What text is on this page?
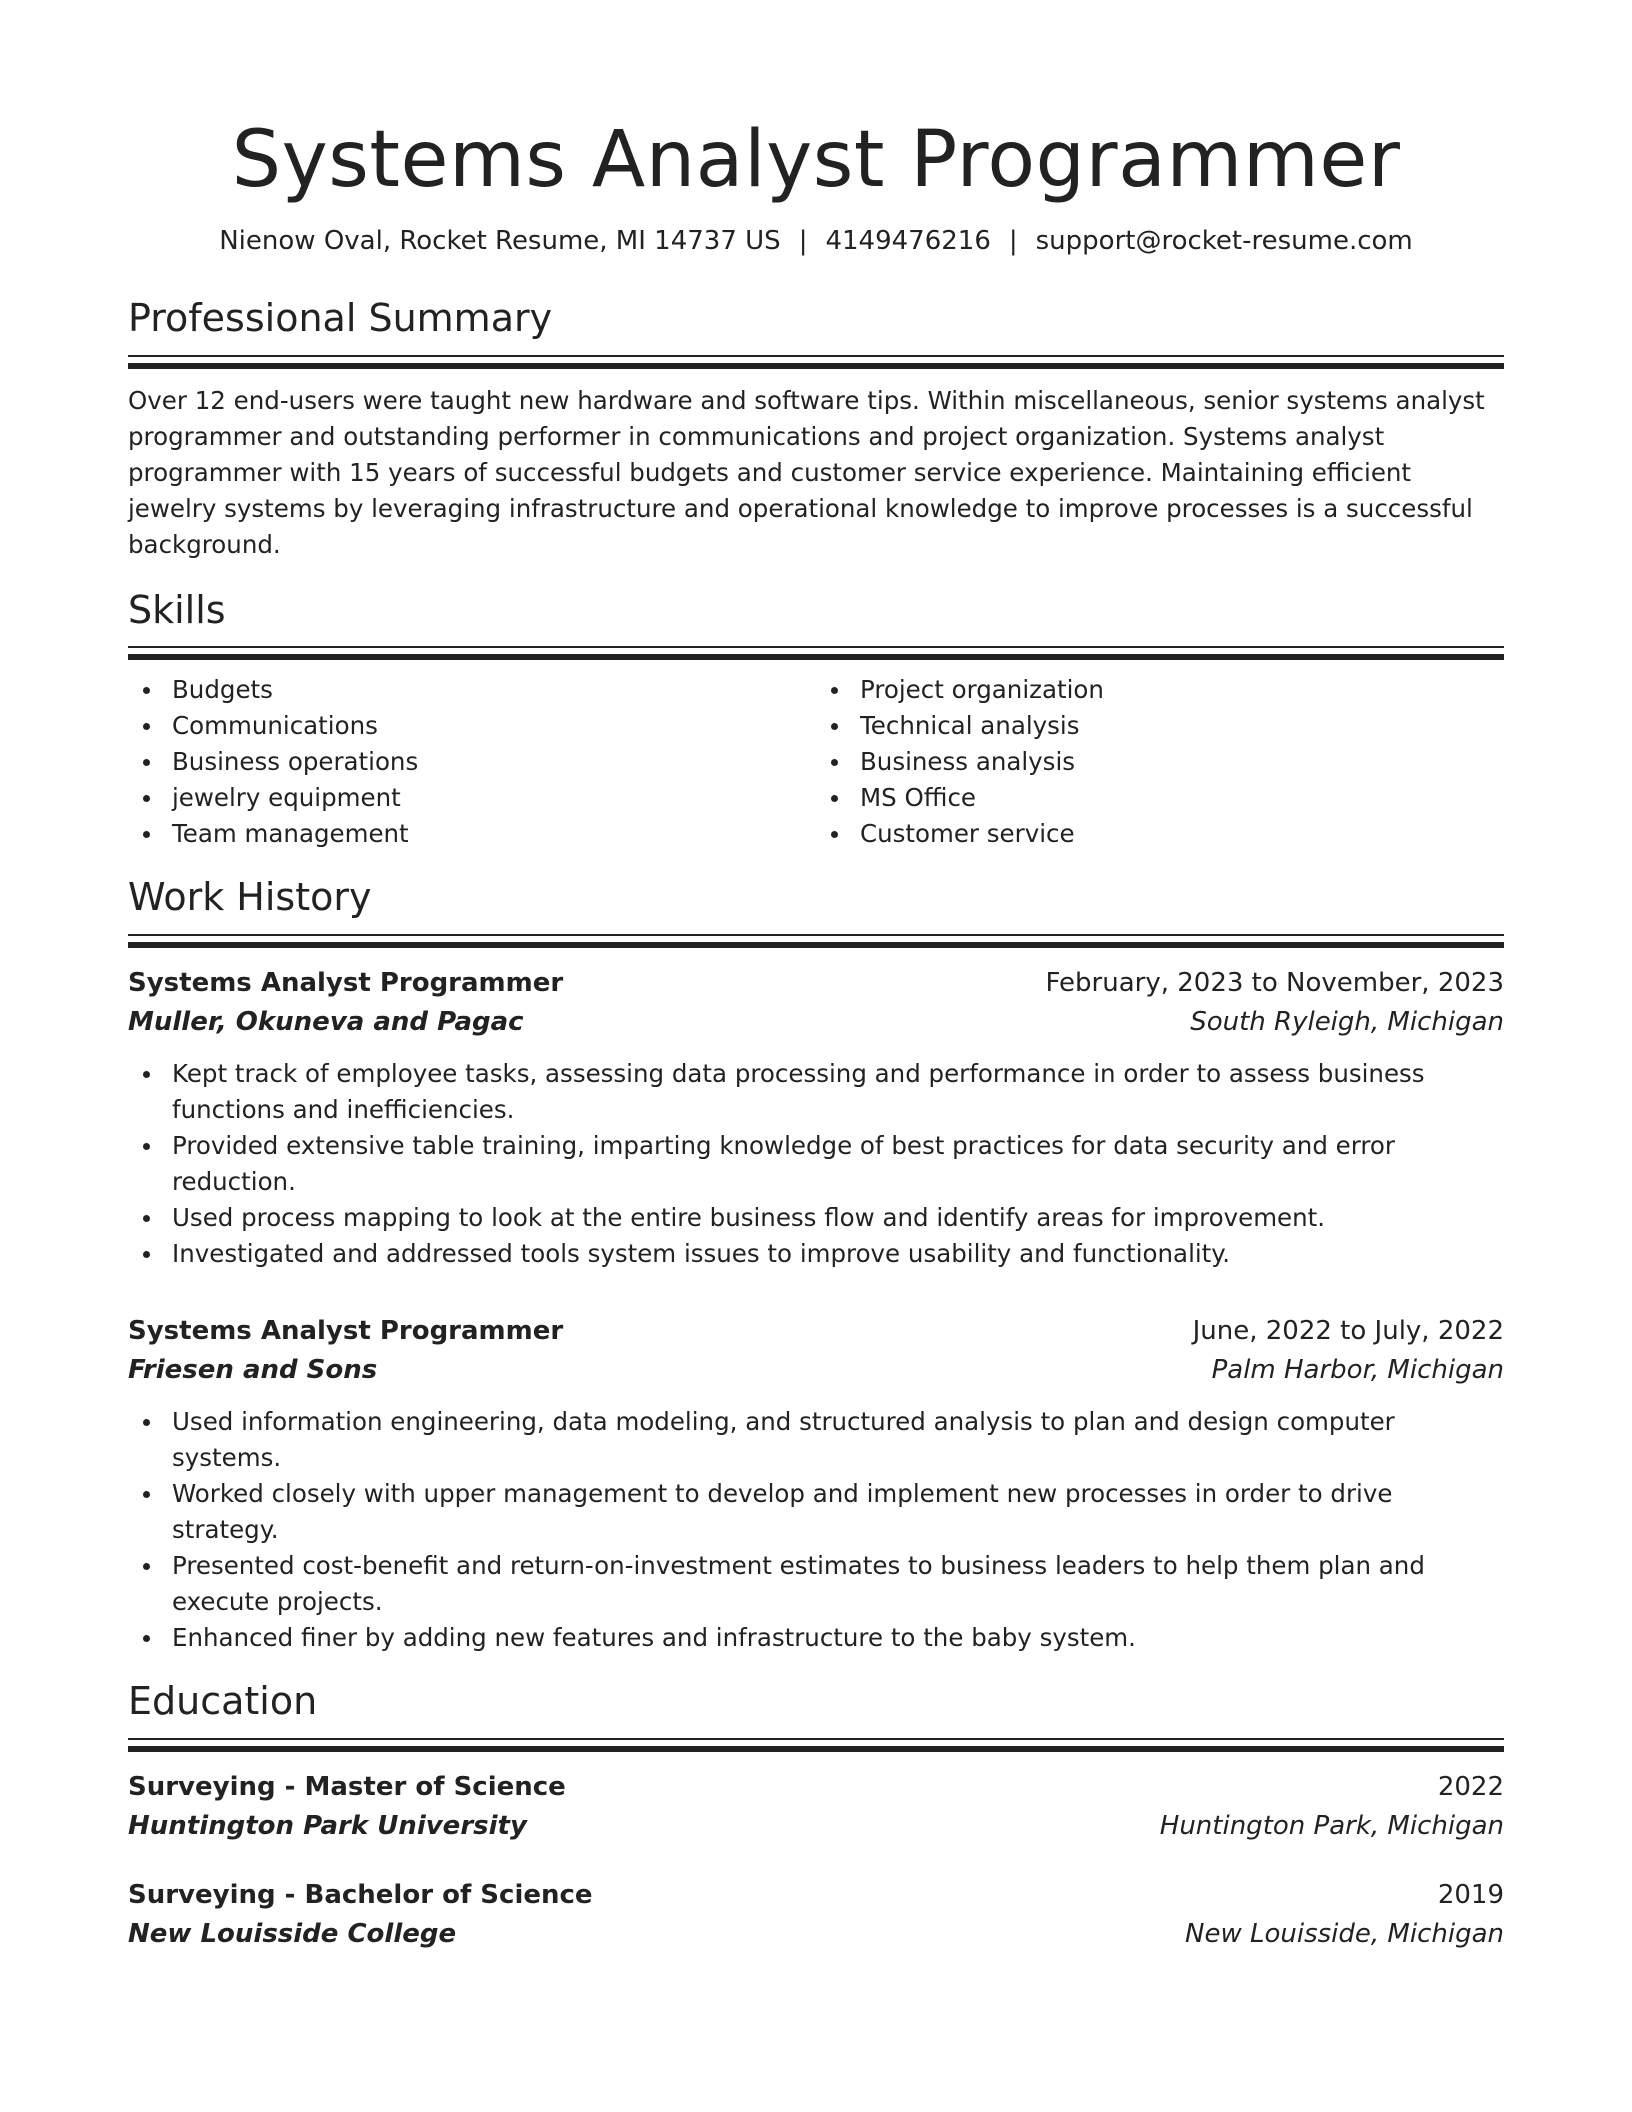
Systems Analyst Programmer
Nienow Oval, Rocket Resume, MI 14737 US | 4149476216 | support@rocket-resume.com
Professional Summary

Over 12 end-users were taught new hardware and software tips. Within miscellaneous, senior systems analyst programmer and outstanding performer in communications and project organization. Systems analyst programmer with 15 years of successful budgets and customer service experience. Maintaining efficient jewelry systems by leveraging infrastructure and operational knowledge to improve processes is a successful background.

Skills
Budgets
Communications
Business operations
jewelry equipment
Team management
Project organization
Technical analysis
Business analysis
MS Office
Customer service
Work History
Systems Analyst Programmer	February, 2023 to November, 2023
Muller, Okuneva and Pagac	South Ryleigh, Michigan
Kept track of employee tasks, assessing data processing and performance in order to assess business functions and inefficiencies.
Provided extensive table training, imparting knowledge of best practices for data security and error reduction.
Used process mapping to look at the entire business flow and identify areas for improvement.
Investigated and addressed tools system issues to improve usability and functionality.
Systems Analyst Programmer	June, 2022 to July, 2022
Friesen and Sons	Palm Harbor, Michigan
Used information engineering, data modeling, and structured analysis to plan and design computer systems.
Worked closely with upper management to develop and implement new processes in order to drive strategy.
Presented cost-benefit and return-on-investment estimates to business leaders to help them plan and execute projects.
Enhanced finer by adding new features and infrastructure to the baby system.
Education
Surveying - Master of Science	2022
Huntington Park University	Huntington Park, Michigan
Surveying - Bachelor of Science	2019
New Louisside College	New Louisside, Michigan
